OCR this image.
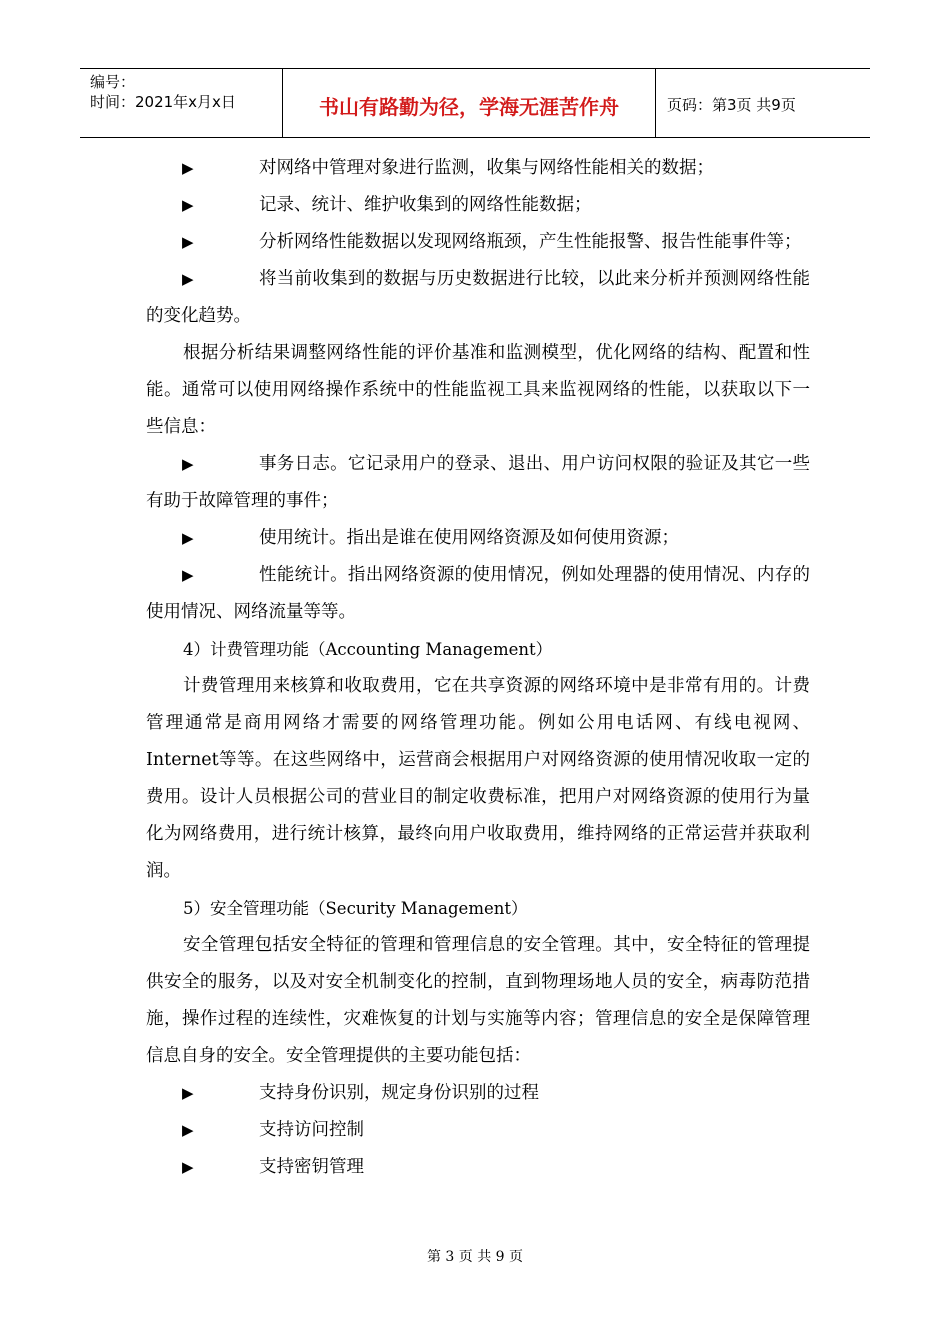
编号：
时间：2021年x月x日	书山有路勤为径，学海无涯苦作舟	页码：第3页 共9页
▶	对网络中管理对象进行监测，收集与网络性能相关的数据；

▶	记录、统计、维护收集到的网络性能数据；

▶	分析网络性能数据以发现网络瓶颈，产生性能报警、报告性能事件等；

▶	将当前收集到的数据与历史数据进行比较，以此来分析并预测网络性能的变化趋势。

根据分析结果调整网络性能的评价基准和监测模型，优化网络的结构、配置和性能。通常可以使用网络操作系统中的性能监视工具来监视网络的性能，以获取以下一些信息：

▶	事务日志。它记录用户的登录、退出、用户访问权限的验证及其它一些有助于故障管理的事件；

▶	使用统计。指出是谁在使用网络资源及如何使用资源；

▶	性能统计。指出网络资源的使用情况，例如处理器的使用情况、内存的使用情况、网络流量等等。

4）计费管理功能（Accounting Management）

计费管理用来核算和收取费用，它在共享资源的网络环境中是非常有用的。计费管理通常是商用网络才需要的网络管理功能。例如公用电话网、有线电视网、Internet等等。在这些网络中，运营商会根据用户对网络资源的使用情况收取一定的费用。设计人员根据公司的营业目的制定收费标准，把用户对网络资源的使用行为量化为网络费用，进行统计核算，最终向用户收取费用，维持网络的正常运营并获取利润。

5）安全管理功能（Security Management）

安全管理包括安全特征的管理和管理信息的安全管理。其中，安全特征的管理提供安全的服务，以及对安全机制变化的控制，直到物理场地人员的安全，病毒防范措施，操作过程的连续性，灾难恢复的计划与实施等内容；管理信息的安全是保障管理信息自身的安全。安全管理提供的主要功能包括：

▶	支持身份识别，规定身份识别的过程

▶	支持访问控制

▶	支持密钥管理

第 3 页 共 9 页
